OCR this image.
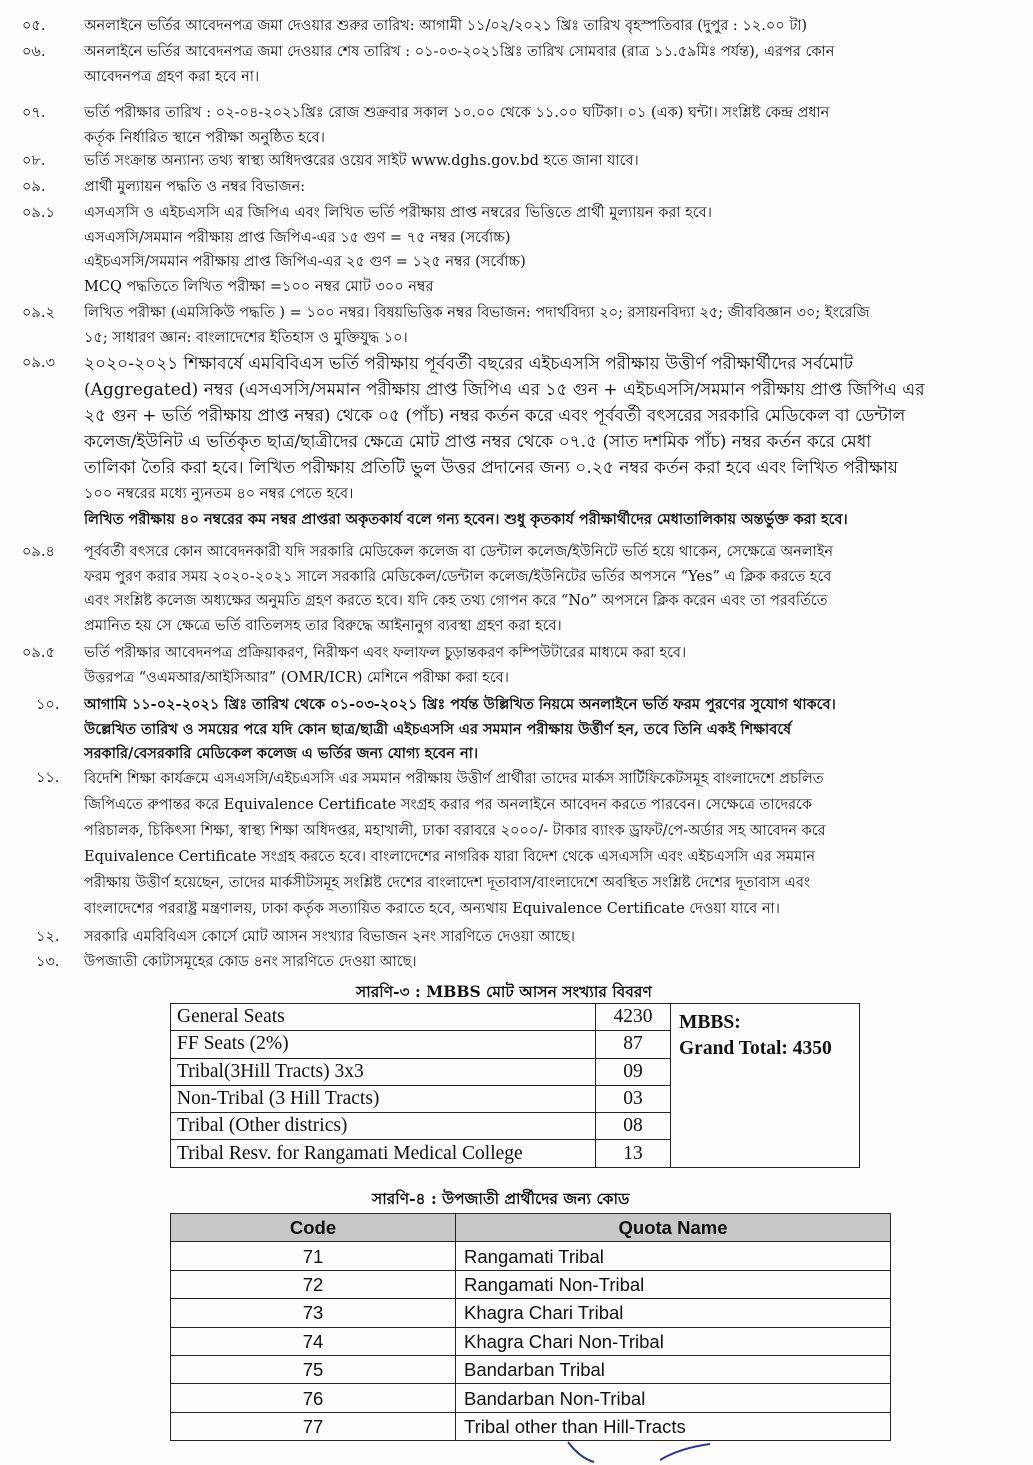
০৫.	অনলাইনে ভর্তির আবেদনপত্র জমা দেওয়ার শুরুর তারিখ: আগামী ১১/০২/২০২১ খ্রিঃ তারিখ বৃহস্পতিবার (দুপুর : ১২.০০ টা)
০৬.	অনলাইনে ভর্তির আবেদনপত্র জমা দেওয়ার শেষ তারিখ : ০১-০৩-২০২১খ্রিঃ তারিখ সোমবার (রাত্র ১১.৫৯মিঃ পর্যন্ত), এরপর কোন
আবেদনপত্র গ্রহণ করা হবে না।
০৭.	ভর্তি পরীক্ষার তারিখ : ০২-০৪-২০২১খ্রিঃ রোজ শুক্রবার সকাল ১০.০০ থেকে ১১.০০ ঘটিকা। ০১ (এক) ঘন্টা। সংশ্লিষ্ট কেন্দ্র প্রধান
কর্তৃক নির্ধারিত স্থানে পরীক্ষা অনুষ্ঠিত হবে।
০৮.	ভর্তি সংক্রান্ত অন্যান্য তথ্য স্বাস্থ্য অধিদপ্তরের ওয়েব সাইট www.dghs.gov.bd হতে জানা যাবে।
০৯.	প্রার্থী মুল্যায়ন পদ্ধতি ও নম্বর বিভাজন:
০৯.১	এসএসসি ও এইচএসসি এর জিপিএ এবং লিখিত ভর্তি পরীক্ষায় প্রাপ্ত নম্বরের ভিত্তিতে প্রার্থী মুল্যায়ন করা হবে।
এসএসসি/সমমান পরীক্ষায় প্রাপ্ত জিপিএ-এর ১৫ গুণ = ৭৫ নম্বর (সর্বোচ্চ)
এইচএসসি/সমমান পরীক্ষায় প্রাপ্ত জিপিএ-এর ২৫ গুণ = ১২৫ নম্বর (সর্বোচ্চ)
MCQ পদ্ধতিতে লিখিত পরীক্ষা =১০০ নম্বর মোট ৩০০ নম্বর
০৯.২	লিখিত পরীক্ষা (এমসিকিউ পদ্ধতি ) = ১০০ নম্বর। বিষয়ভিত্তিক নম্বর বিভাজন: পদার্থবিদ্যা ২০; রসায়নবিদ্যা ২৫; জীববিজ্ঞান ৩০; ইংরেজি
১৫; সাধারণ জ্ঞান: বাংলাদেশের ইতিহাস ও মুক্তিযুদ্ধ ১০।
০৯.৩	২০২০-২০২১ শিক্ষাবর্ষে এমবিবিএস ভর্তি পরীক্ষায় পূর্ববর্তী বছরের এইচএসসি পরীক্ষায় উত্তীর্ণ পরীক্ষার্থীদের সর্বমোট
(Aggregated) নম্বর (এসএসসি/সমমান পরীক্ষায় প্রাপ্ত জিপিএ এর ১৫ গুন + এইচএসসি/সমমান পরীক্ষায় প্রাপ্ত জিপিএ এর
২৫ গুন + ভর্তি পরীক্ষায় প্রাপ্ত নম্বর) থেকে ০৫ (পাঁচ) নম্বর কর্তন করে এবং পূর্ববর্তী বৎসরের সরকারি মেডিকেল বা ডেন্টাল
কলেজ/ইউনিট এ ভর্তিকৃত ছাত্র/ছাত্রীদের ক্ষেত্রে মোট প্রাপ্ত নম্বর থেকে ০৭.৫ (সাত দশমিক পাঁচ) নম্বর কর্তন করে মেধা
তালিকা তৈরি করা হবে। লিখিত পরীক্ষায় প্রতিটি ভুল উত্তর প্রদানের জন্য ০.২৫ নম্বর কর্তন করা হবে এবং লিখিত পরীক্ষায়
১০০ নম্বরের মধ্যে ন্যুনতম ৪০ নম্বর পেতে হবে।
লিখিত পরীক্ষায় ৪০ নম্বরের কম নম্বর প্রাপ্তরা অকৃতকার্য বলে গন্য হবেন। শুধু কৃতকার্য পরীক্ষার্থীদের মেধাতালিকায় অন্তর্ভুক্ত করা হবে।
০৯.৪	পূর্ববর্তী বৎসরে কোন আবেদনকারী যদি সরকারি মেডিকেল কলেজ বা ডেন্টাল কলেজ/ইউনিটে ভর্তি হয়ে থাকেন, সেক্ষেত্রে অনলাইন
ফরম পুরণ করার সময় ২০২০-২০২১ সালে সরকারি মেডিকেল/ডেন্টাল কলেজ/ইউনিটের ভর্তির অপসনে “Yes” এ ক্লিক করতে হবে
এবং সংশ্লিষ্ট কলেজ অধ্যক্ষের অনুমতি গ্রহণ করতে হবে। যদি কেহ তথ্য গোপন করে “No” অপসনে ক্লিক করেন এবং তা পরবর্তিতে
প্রমানিত হয় সে ক্ষেত্রে ভর্তি বাতিলসহ তার বিরুদ্ধে আইনানুগ ব্যবস্থা গ্রহণ করা হবে।
০৯.৫	ভর্তি পরীক্ষার আবেদনপত্র প্রক্রিয়াকরণ, নিরীক্ষণ এবং ফলাফল চুড়ান্তকরণ কম্পিউটারের মাধ্যমে করা হবে।
উত্তরপত্র “ওএমআর/আইসিআর” (OMR/ICR) মেশিনে পরীক্ষা করা হবে।
১০.	আগামি ১১-০২-২০২১ খ্রিঃ তারিখ থেকে ০১-০৩-২০২১ খ্রিঃ পর্যন্ত উল্লিখিত নিয়মে অনলাইনে ভর্তি ফরম পুরণের সুযোগ থাকবে।
উল্লেখিত তারিখ ও সময়ের পরে যদি কোন ছাত্র/ছাত্রী এইচএসসি এর সমমান পরীক্ষায় উর্ত্তীর্ণ হন, তবে তিনি একই শিক্ষাবর্ষে
সরকারি/বেসরকারি মেডিকেল কলেজ এ ভর্তির জন্য যোগ্য হবেন না।
১১.	বিদেশি শিক্ষা কার্যক্রমে এসএসসি/এইচএসসি এর সমমান পরীক্ষায় উত্তীর্ণ প্রার্থীরা তাদের মার্কস সার্টিফিকেটসমূহ বাংলাদেশে প্রচলিত
জিপিএতে রুপান্তর করে Equivalence Certificate সংগ্রহ করার পর অনলাইনে আবেদন করতে পারবেন। সেক্ষেত্রে তাদেরকে
পরিচালক, চিকিৎসা শিক্ষা, স্বাস্থ্য শিক্ষা অধিদপ্তর, মহাখালী, ঢাকা বরাবরে ২০০০/- টাকার ব্যাংক ড্রাফট/পে-অর্ডার সহ আবেদন করে
Equivalence Certificate সংগ্রহ করতে হবে। বাংলাদেশের নাগরিক যারা বিদেশ থেকে এসএসসি এবং এইচএসসি এর সমমান
পরীক্ষায় উত্তীর্ণ হয়েছেন, তাদের মার্কসীটসমূহ সংশ্লিষ্ট দেশের বাংলাদেশ দূতাবাস/বাংলাদেশে অবস্থিত সংশ্লিষ্ট দেশের দূতাবাস এবং
বাংলাদেশের পররাষ্ট্র মন্ত্রণালয়, ঢাকা কর্তৃক সত্যায়িত করাতে হবে, অন্যথায় Equivalence Certificate দেওয়া যাবে না।
১২.	সরকারি এমবিবিএস কোর্সে মোট আসন সংখ্যার বিভাজন ২নং সারণিতে দেওয়া আছে।
১৩.	উপজাতী কোটাসমূহের কোড ৪নং সারণিতে দেওয়া আছে।
সারণি-৩ : MBBS মোট আসন সংখ্যার বিবরণ
General Seats	4230	MBBS:
Grand Total: 4350

FF Seats (2%)	87	
Tribal(3Hill Tracts) 3x3	09	
Non-Tribal (3 Hill Tracts)	03	
Tribal (Other districs)	08	
Tribal Resv. for Rangamati Medical College	13	
সারণি-৪ : উপজাতী প্রার্থীদের জন্য কোড
Code	Quota Name
71	Rangamati Tribal
72	Rangamati Non-Tribal
73	Khagra Chari Tribal
74	Khagra Chari Non-Tribal
75	Bandarban Tribal
76	Bandarban Non-Tribal
77	Tribal other than Hill-Tracts
